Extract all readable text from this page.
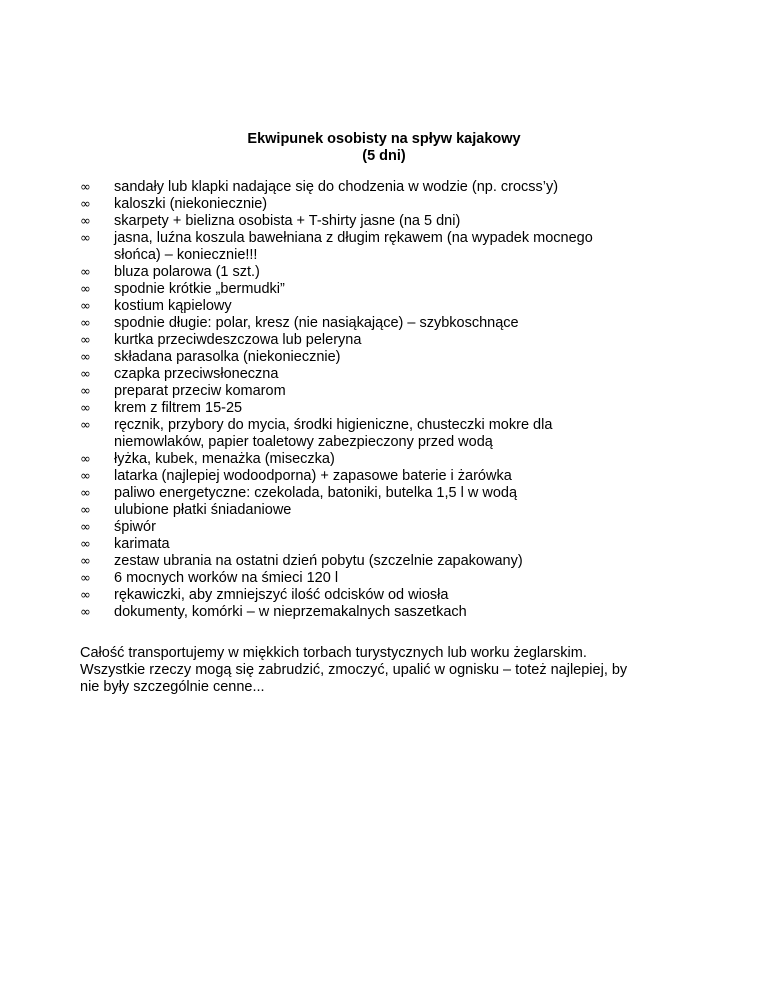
Ekwipunek osobisty na spływ kajakowy
(5 dni)
∞ sandały lub klapki nadające się do chodzenia w wodzie (np. crocss’y)
∞ kaloszki (niekoniecznie)
∞ skarpety + bielizna osobista + T-shirty jasne (na 5 dni)
∞ jasna, luźna koszula bawełniana z długim rękawem (na wypadek mocnego
słońca) – koniecznie!!!
∞ bluza polarowa (1 szt.)
∞ spodnie krótkie „bermudki”
∞ kostium kąpielowy
∞ spodnie długie: polar, kresz (nie nasiąkające) – szybkoschnące
∞ kurtka przeciwdeszczowa lub peleryna
∞ składana parasolka (niekoniecznie)
∞ czapka przeciwsłoneczna
∞ preparat przeciw komarom
∞ krem z filtrem 15-25
∞ ręcznik, przybory do mycia, środki higieniczne, chusteczki mokre dla
niemowlaków, papier toaletowy zabezpieczony przed wodą
∞ łyżka, kubek, menażka (miseczka)
∞ latarka (najlepiej wodoodporna) + zapasowe baterie i żarówka
∞ paliwo energetyczne: czekolada, batoniki, butelka 1,5 l w wodą
∞ ulubione płatki śniadaniowe
∞ śpiwór
∞ karimata
∞ zestaw ubrania na ostatni dzień pobytu (szczelnie zapakowany)
∞ 6 mocnych worków na śmieci 120 l
∞ rękawiczki, aby zmniejszyć ilość odcisków od wiosła
∞ dokumenty, komórki – w nieprzemakalnych saszetkach
Całość transportujemy w miękkich torbach turystycznych lub worku żeglarskim.
Wszystkie rzeczy mogą się zabrudzić, zmoczyć, upalić w ognisku – toteż najlepiej, by
nie były szczególnie cenne...
